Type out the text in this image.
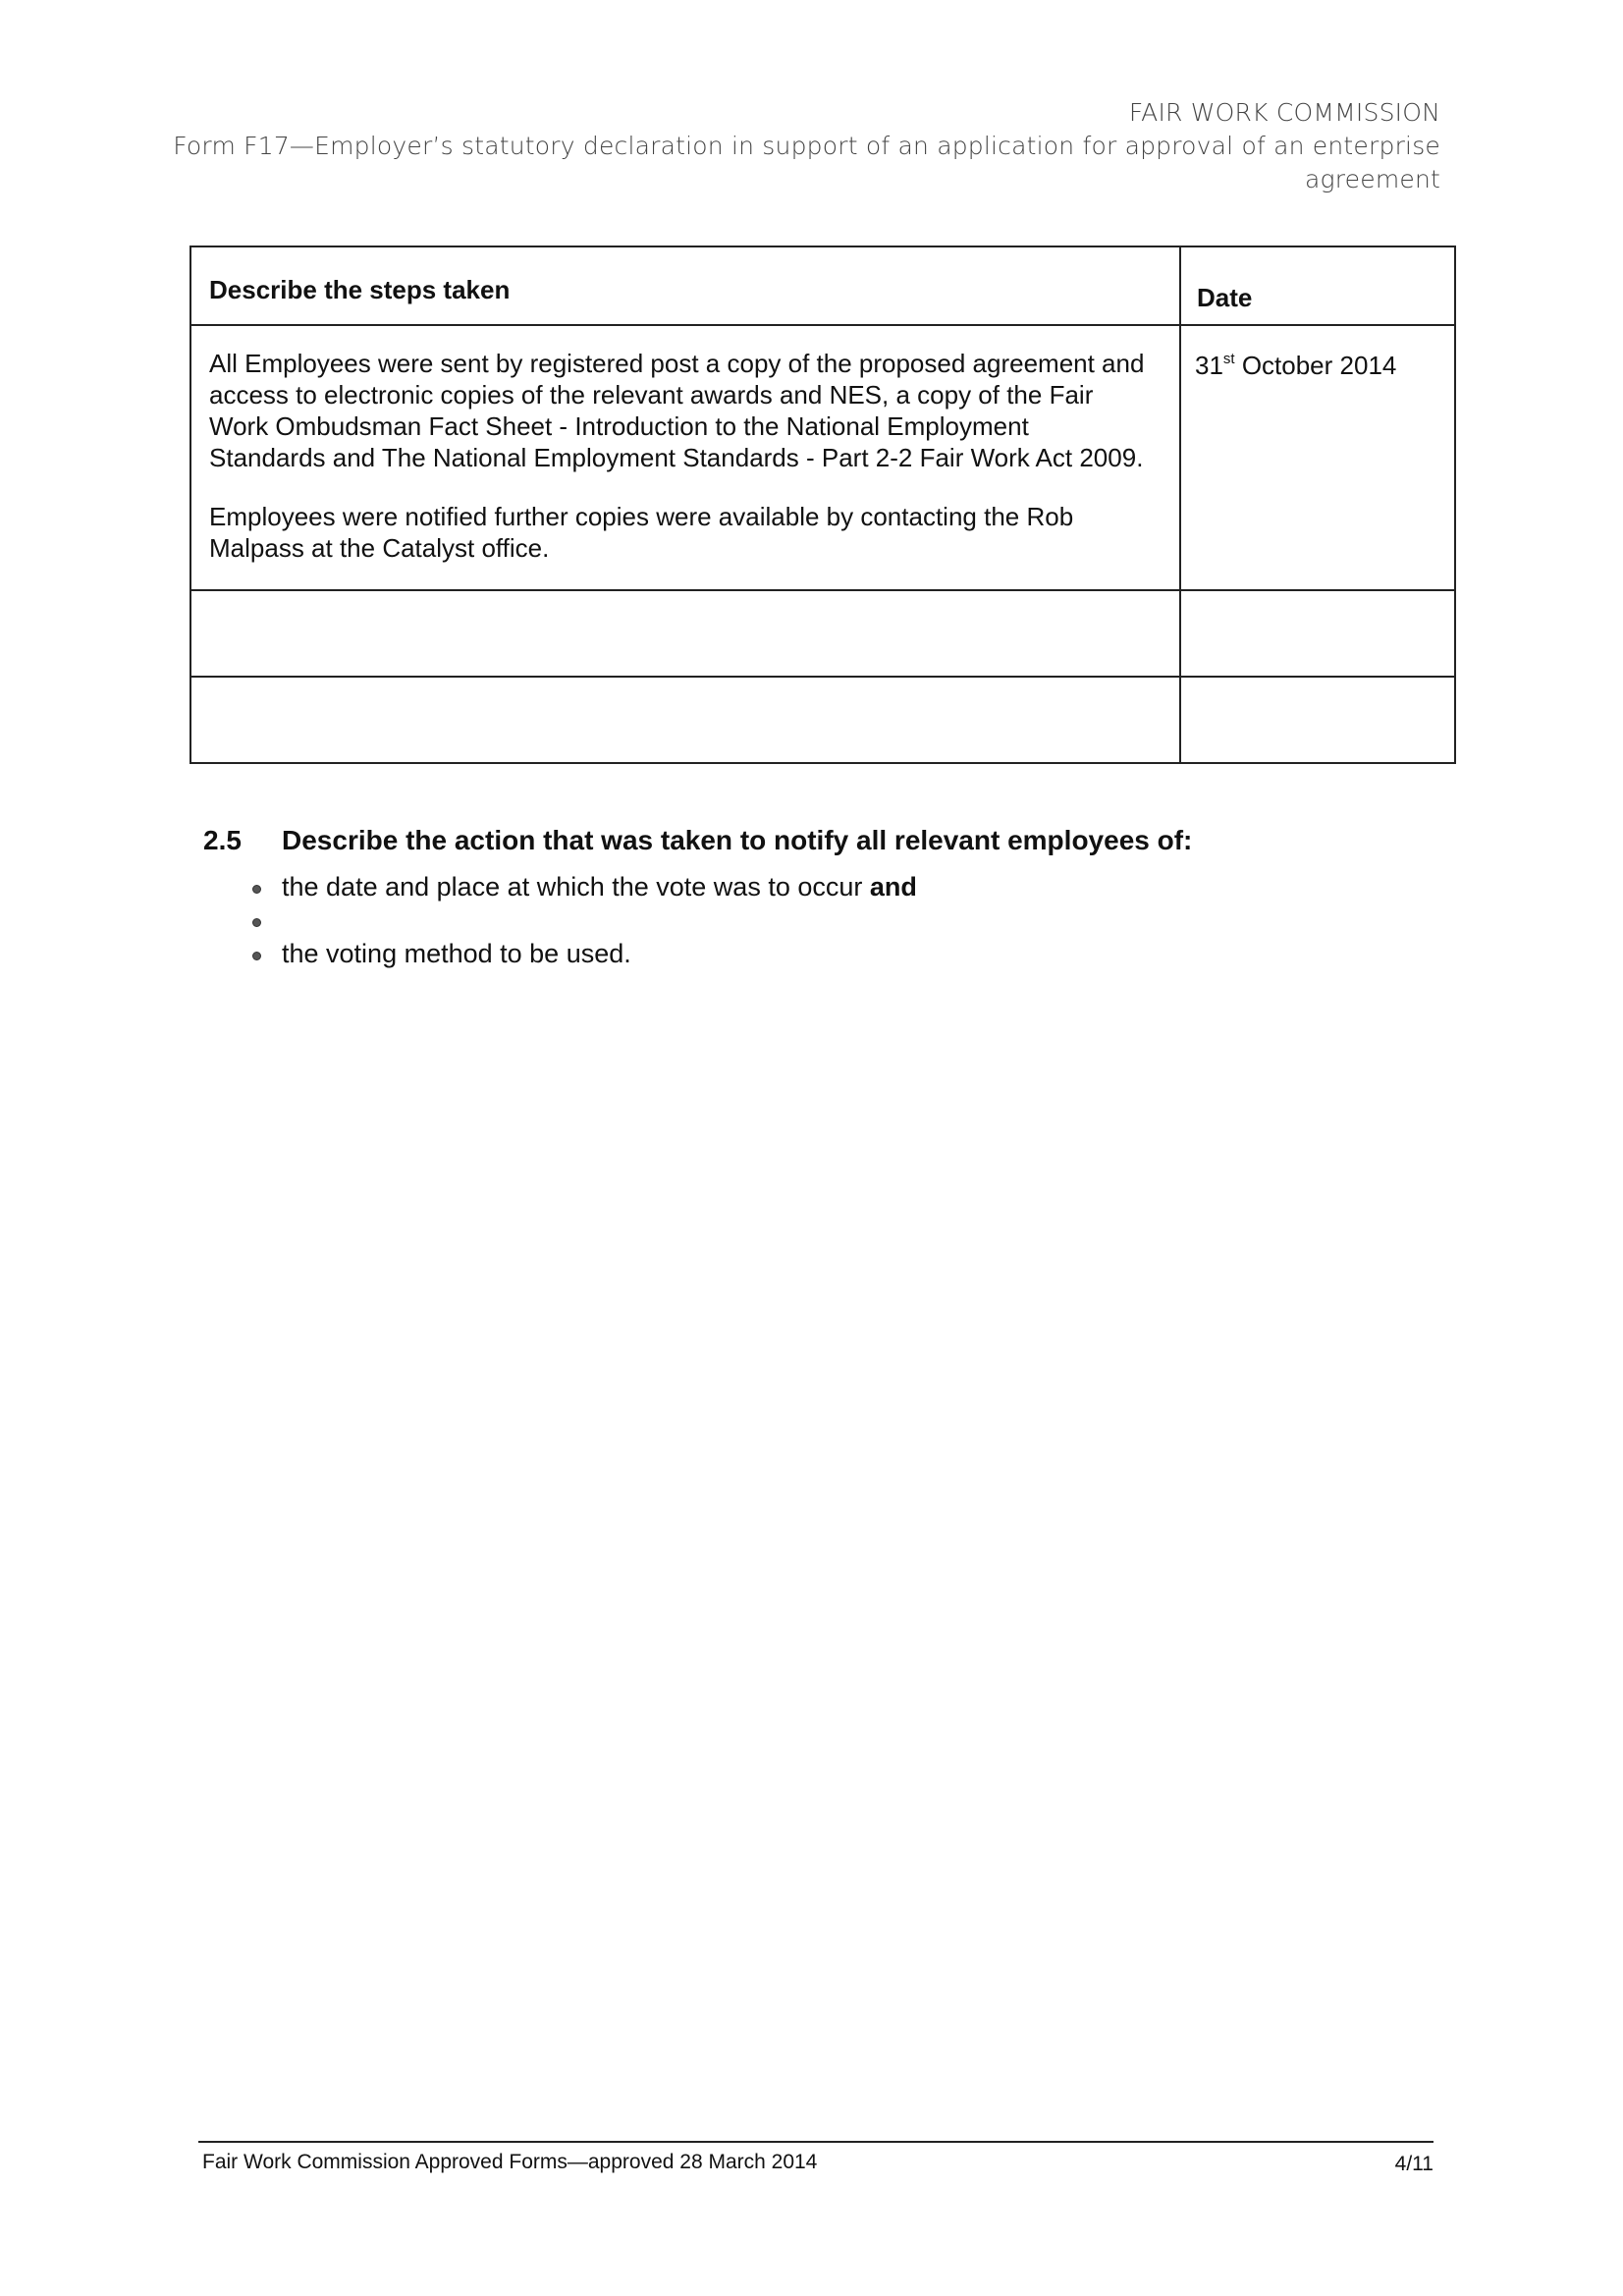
FAIR WORK COMMISSION
Form F17—Employer’s statutory declaration in support of an application for approval of an enterprise
agreement
Describe the steps taken	Date

All Employees were sent by registered post a copy of the proposed agreement and access to electronic copies of the relevant awards and NES, a copy of the Fair Work Ombudsman Fact Sheet - Introduction to the National Employment Standards and The National Employment Standards - Part 2-2 Fair Work Act 2009.

Employees were notified further copies were available by contacting the Rob Malpass at the Catalyst office.	31st October 2014

2.5 Describe the action that was taken to notify all relevant employees of:
the date and place at which the vote was to occur and
the voting method to be used.
Fair Work Commission Approved Forms—approved 28 March 2014	4/11
